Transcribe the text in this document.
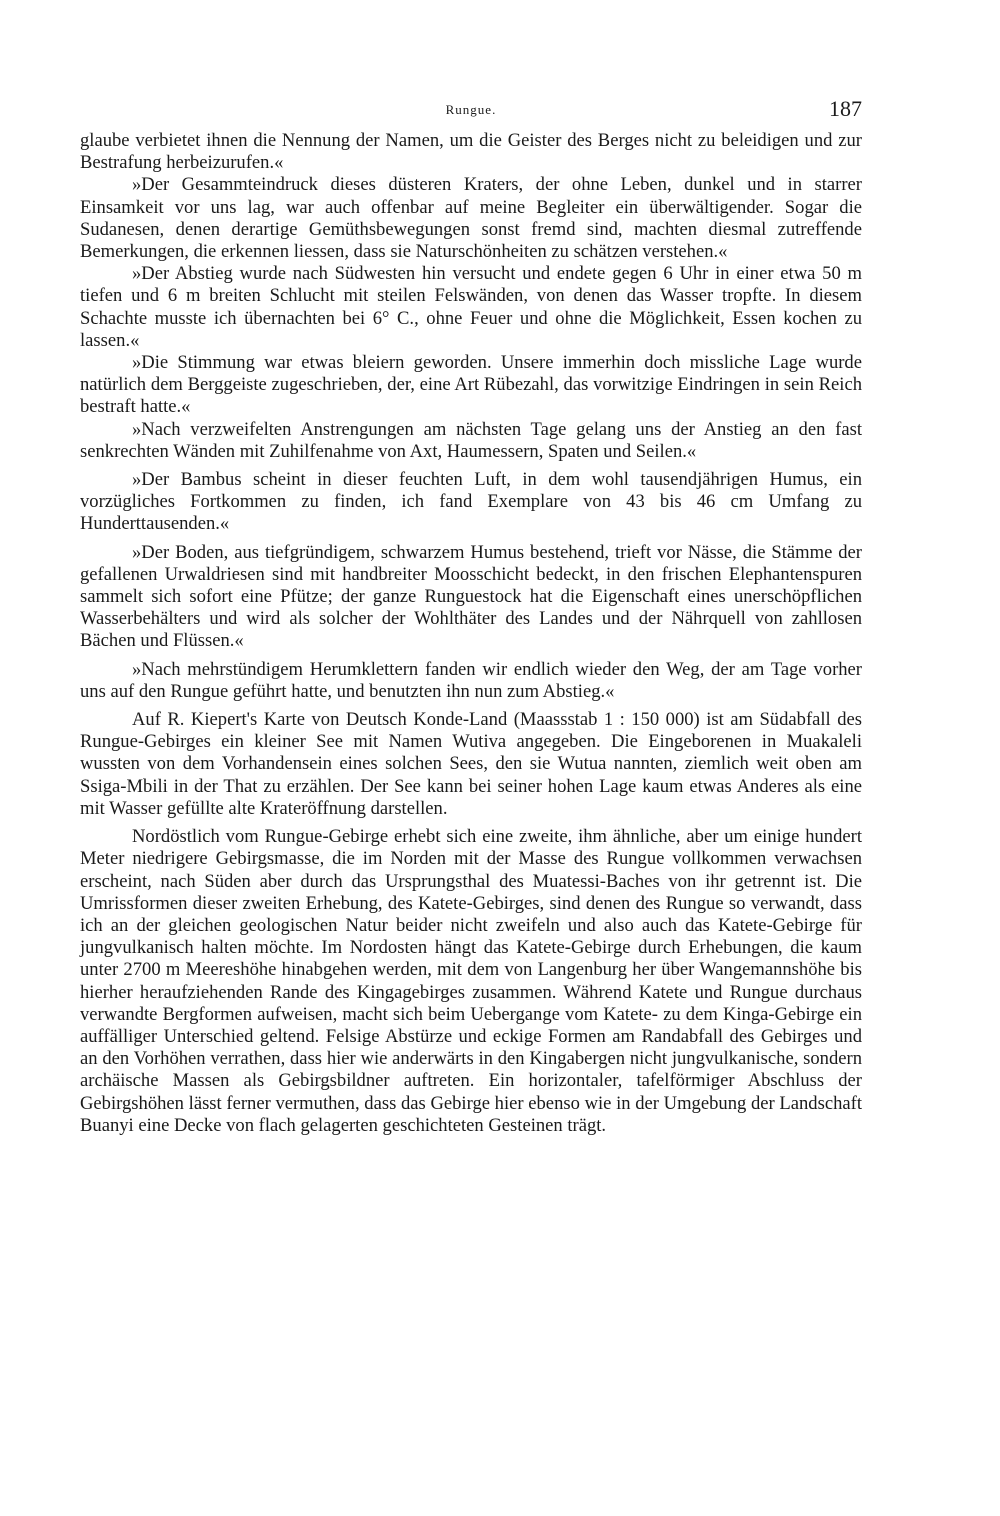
Rungue.	187

glaube verbietet ihnen die Nennung der Namen, um die Geister des Berges nicht zu beleidigen und zur Bestrafung herbeizurufen.«

»Der Gesammteindruck dieses düsteren Kraters, der ohne Leben, dunkel und in starrer Einsamkeit vor uns lag, war auch offenbar auf meine Begleiter ein überwältigender. Sogar die Sudanesen, denen derartige Gemüthsbewegungen sonst fremd sind, machten diesmal zutreffende Bemerkungen, die erkennen liessen, dass sie Naturschönheiten zu schätzen verstehen.«

»Der Abstieg wurde nach Südwesten hin versucht und endete gegen 6 Uhr in einer etwa 50 m tiefen und 6 m breiten Schlucht mit steilen Felswänden, von denen das Wasser tropfte. In diesem Schachte musste ich übernachten bei 6° C., ohne Feuer und ohne die Möglichkeit, Essen kochen zu lassen.«

»Die Stimmung war etwas bleiern geworden. Unsere immerhin doch missliche Lage wurde natürlich dem Berggeiste zugeschrieben, der, eine Art Rübezahl, das vorwitzige Eindringen in sein Reich bestraft hatte.«

»Nach verzweifelten Anstrengungen am nächsten Tage gelang uns der Anstieg an den fast senkrechten Wänden mit Zuhilfenahme von Axt, Haumessern, Spaten und Seilen.«

»Der Bambus scheint in dieser feuchten Luft, in dem wohl tausendjährigen Humus, ein vorzügliches Fortkommen zu finden, ich fand Exemplare von 43 bis 46 cm Umfang zu Hunderttausenden.«

»Der Boden, aus tiefgründigem, schwarzem Humus bestehend, trieft vor Nässe, die Stämme der gefallenen Urwaldriesen sind mit handbreiter Moosschicht bedeckt, in den frischen Elephantenspuren sammelt sich sofort eine Pfütze; der ganze Runguestock hat die Eigenschaft eines unerschöpflichen Wasserbehälters und wird als solcher der Wohlthäter des Landes und der Nährquell von zahllosen Bächen und Flüssen.«

»Nach mehrstündigem Herumklettern fanden wir endlich wieder den Weg, der am Tage vorher uns auf den Rungue geführt hatte, und benutzten ihn nun zum Abstieg.«

Auf R. Kiepert's Karte von Deutsch Konde-Land (Maassstab 1 : 150 000) ist am Südabfall des Rungue-Gebirges ein kleiner See mit Namen Wutiva angegeben. Die Eingeborenen in Muakaleli wussten von dem Vorhandensein eines solchen Sees, den sie Wutua nannten, ziemlich weit oben am Ssiga-Mbili in der That zu erzählen. Der See kann bei seiner hohen Lage kaum etwas Anderes als eine mit Wasser gefüllte alte Krateröffnung darstellen.

Nordöstlich vom Rungue-Gebirge erhebt sich eine zweite, ihm ähnliche, aber um einige hundert Meter niedrigere Gebirgsmasse, die im Norden mit der Masse des Rungue vollkommen verwachsen erscheint, nach Süden aber durch das Ursprungsthal des Muatessi-Baches von ihr getrennt ist. Die Umrissformen dieser zweiten Erhebung, des Katete-Gebirges, sind denen des Rungue so verwandt, dass ich an der gleichen geologischen Natur beider nicht zweifeln und also auch das Katete-Gebirge für jungvulkanisch halten möchte. Im Nordosten hängt das Katete-Gebirge durch Erhebungen, die kaum unter 2700 m Meereshöhe hinabgehen werden, mit dem von Langenburg her über Wangemannshöhe bis hierher heraufziehenden Rande des Kingagebirges zusammen. Während Katete und Rungue durchaus verwandte Bergformen aufweisen, macht sich beim Uebergange vom Katete- zu dem Kinga-Gebirge ein auffälliger Unterschied geltend. Felsige Abstürze und eckige Formen am Randabfall des Gebirges und an den Vorhöhen verrathen, dass hier wie anderwärts in den Kingabergen nicht jungvulkanische, sondern archäische Massen als Gebirgsbildner auftreten. Ein horizontaler, tafelförmiger Abschluss der Gebirgshöhen lässt ferner vermuthen, dass das Gebirge hier ebenso wie in der Umgebung der Landschaft Buanyi eine Decke von flach gelagerten geschichteten Gesteinen trägt.
